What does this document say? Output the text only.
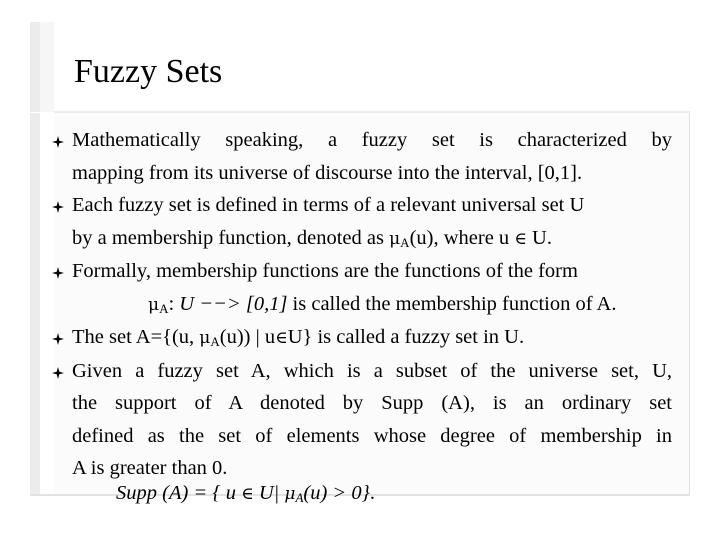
Fuzzy Sets
Mathematically speaking, a fuzzy set is characterized by
mapping from its universe of discourse into the interval, [0,1].
Each fuzzy set is defined in terms of a relevant universal set U
by a membership function, denoted as $\mu_A(u)$, where u ∈ U.
Formally, membership functions are the functions of the form
$\mu_A$: U −−> [0,1] is called the membership function of A.
The set A={(u, $\mu_A(u)$) | u∈U} is called a fuzzy set in U.
Given a fuzzy set A, which is a subset of the universe set, U,
the support of A denoted by Supp (A), is an ordinary set
defined as the set of elements whose degree of membership in
A is greater than 0.
Supp (A) = { u ∈ U| $\mu_A(u) > 0$}.
